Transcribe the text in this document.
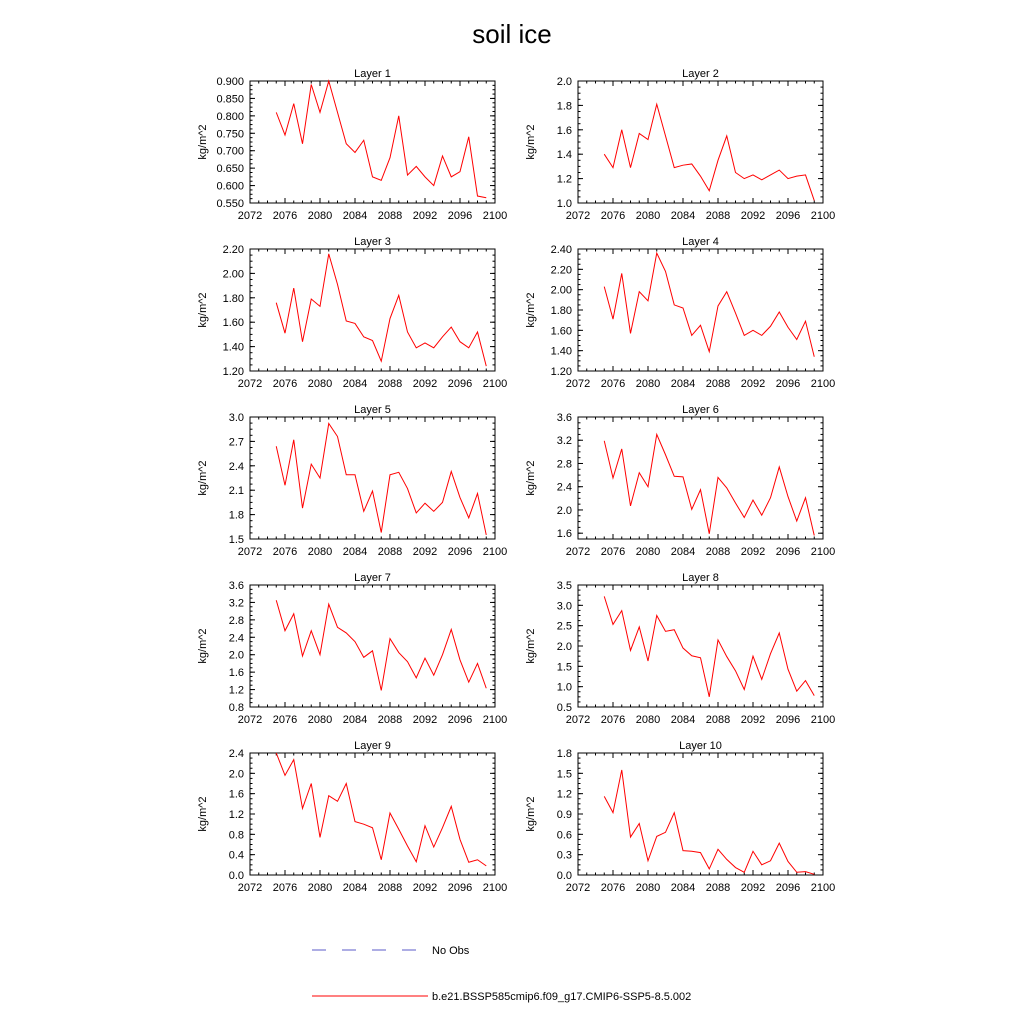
soil ice
Layer 1
2072 2076 2080 2084 2088 2092 2096 2100
0.550
0.600
0.650
0.700
0.750
0.800
0.850
0.900
kg/m^2
Layer 2
2072 2076 2080 2084 2088 2092 2096 2100
1.0
1.2
1.4
1.6
1.8
2.0
kg/m^2
Layer 3
2072 2076 2080 2084 2088 2092 2096 2100
1.20
1.40
1.60
1.80
2.00
2.20
kg/m^2
Layer 4
2072 2076 2080 2084 2088 2092 2096 2100
1.20
1.40
1.60
1.80
2.00
2.20
2.40
kg/m^2
Layer 5
2072 2076 2080 2084 2088 2092 2096 2100
1.5
1.8
2.1
2.4
2.7
3.0
kg/m^2
Layer 6
2072 2076 2080 2084 2088 2092 2096 2100
1.6
2.0
2.4
2.8
3.2
3.6
kg/m^2
Layer 7
2072 2076 2080 2084 2088 2092 2096 2100
0.8
1.2
1.6
2.0
2.4
2.8
3.2
3.6
kg/m^2
Layer 8
2072 2076 2080 2084 2088 2092 2096 2100
0.5
1.0
1.5
2.0
2.5
3.0
3.5
kg/m^2
Layer 9
2072 2076 2080 2084 2088 2092 2096 2100
0.0
0.4
0.8
1.2
1.6
2.0
2.4
kg/m^2
Layer 10
2072 2076 2080 2084 2088 2092 2096 2100
0.0
0.3
0.6
0.9
1.2
1.5
1.8
kg/m^2
No Obs
b.e21.BSSP585cmip6.f09_g17.CMIP6-SSP5-8.5.002
